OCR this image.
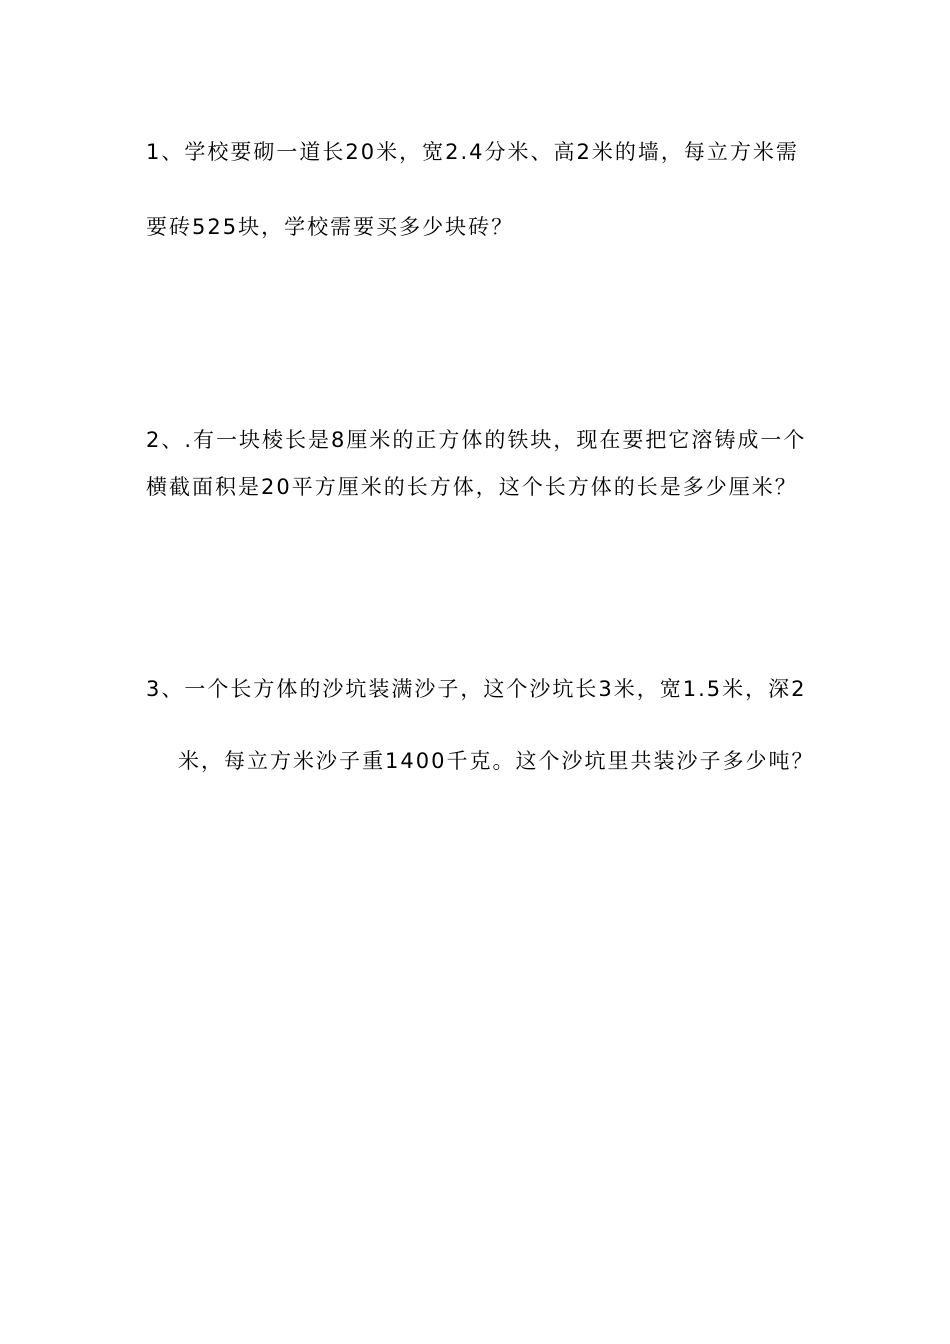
1、学校要砌一道长20米，宽2.4分米、高2米的墙，每立方米需
要砖525块，学校需要买多少块砖？
2、.有一块棱长是8厘米的正方体的铁块，现在要把它溶铸成一个
横截面积是20平方厘米的长方体，这个长方体的长是多少厘米？
3、一个长方体的沙坑装满沙子，这个沙坑长3米，宽1.5米，深2
米，每立方米沙子重1400千克。这个沙坑里共装沙子多少吨？
